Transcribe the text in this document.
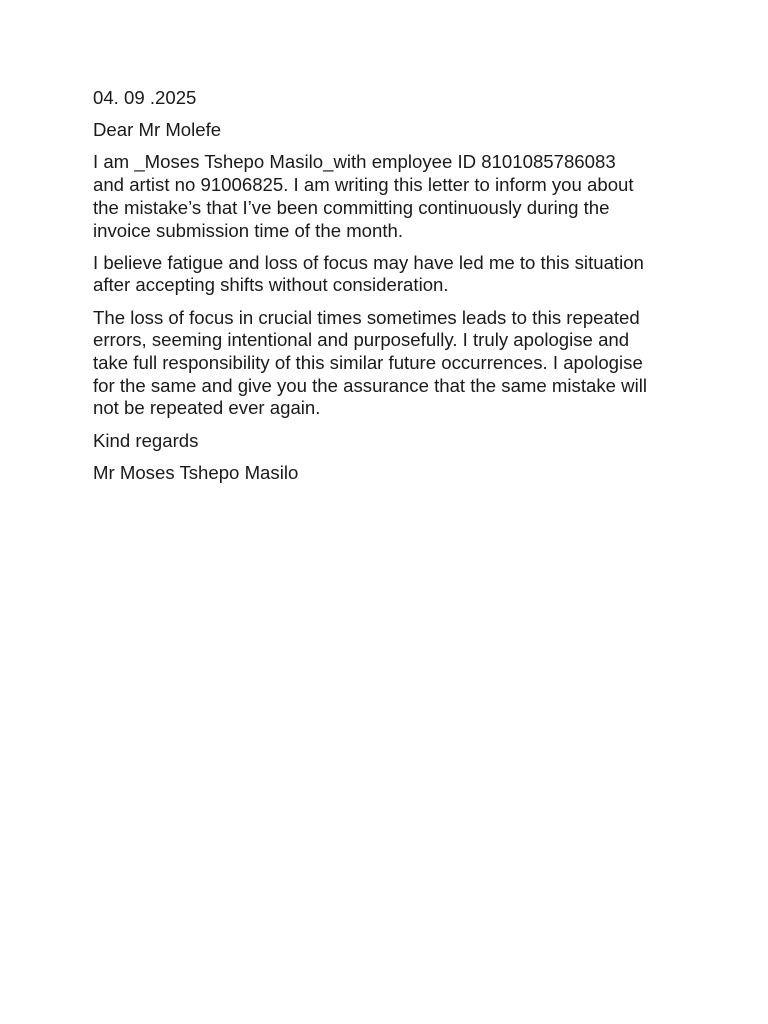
04. 09 .2025

Dear Mr Molefe

I am _Moses Tshepo Masilo_with employee ID 8101085786083
and artist no 91006825. I am writing this letter to inform you about
the mistake’s that I’ve been committing continuously during the
invoice submission time of the month.

I believe fatigue and loss of focus may have led me to this situation
after accepting shifts without consideration.

The loss of focus in crucial times sometimes leads to this repeated
errors, seeming intentional and purposefully. I truly apologise and
take full responsibility of this similar future occurrences. I apologise
for the same and give you the assurance that the same mistake will
not be repeated ever again.

Kind regards

Mr Moses Tshepo Masilo
